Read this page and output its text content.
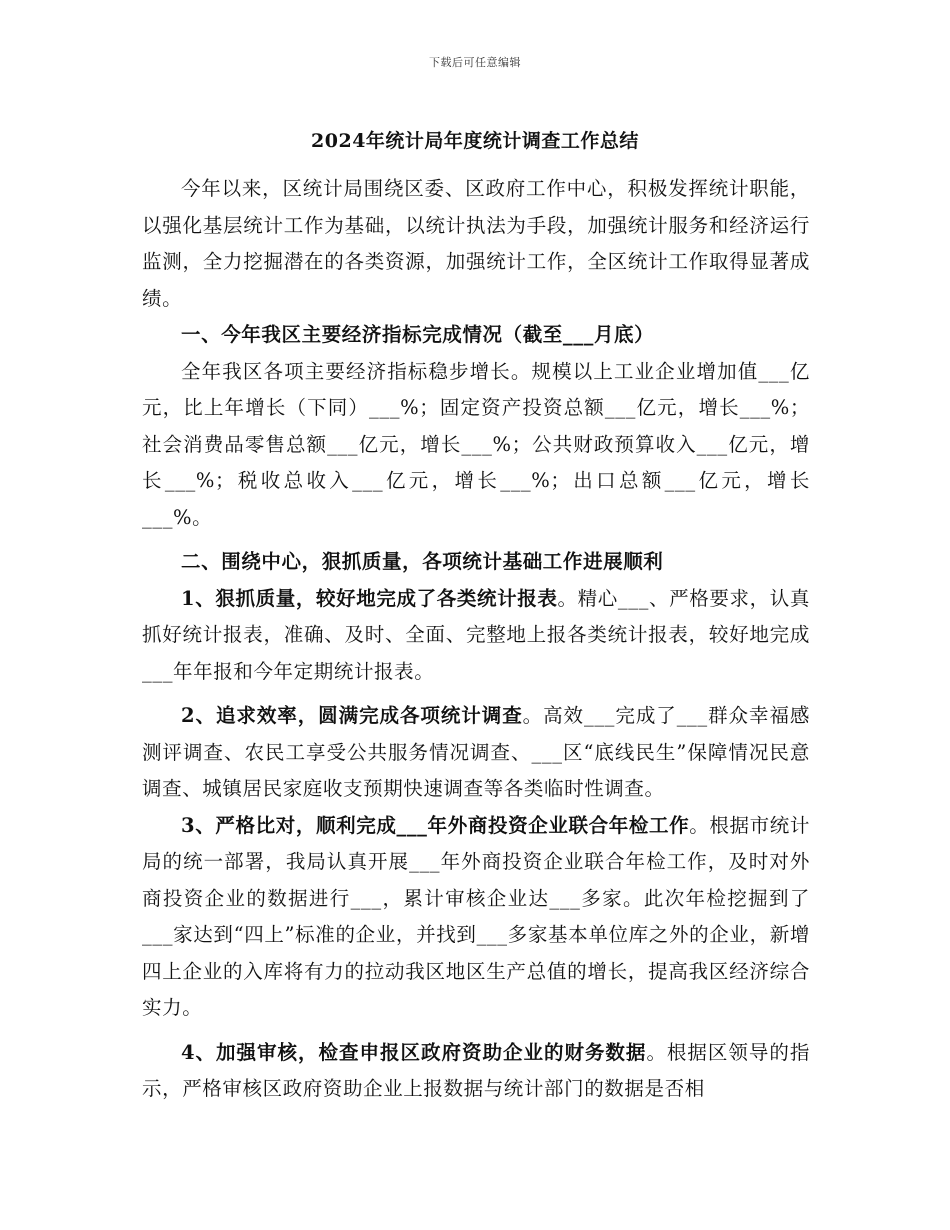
下载后可任意编辑
2024年统计局年度统计调查工作总结

今年以来，区统计局围绕区委、区政府工作中心，积极发挥统计职能，以强化基层统计工作为基础，以统计执法为手段，加强统计服务和经济运行监测，全力挖掘潜在的各类资源，加强统计工作，全区统计工作取得显著成绩。

一、今年我区主要经济指标完成情况（截至___月底）

全年我区各项主要经济指标稳步增长。规模以上工业企业增加值___亿元，比上年增长（下同）___%；固定资产投资总额___亿元，增长___%；社会消费品零售总额___亿元，增长___%；公共财政预算收入___亿元，增长___%；税收总收入___亿元，增长___%；出口总额___亿元，增长___%。

二、围绕中心，狠抓质量，各项统计基础工作进展顺利

1、狠抓质量，较好地完成了各类统计报表。精心___、严格要求，认真抓好统计报表，准确、及时、全面、完整地上报各类统计报表，较好地完成___年年报和今年定期统计报表。

2、追求效率，圆满完成各项统计调查。高效___完成了___群众幸福感测评调查、农民工享受公共服务情况调查、___区“底线民生”保障情况民意调查、城镇居民家庭收支预期快速调查等各类临时性调查。

3、严格比对，顺利完成___年外商投资企业联合年检工作。根据市统计局的统一部署，我局认真开展___年外商投资企业联合年检工作，及时对外商投资企业的数据进行___，累计审核企业达___多家。此次年检挖掘到了___家达到“四上”标准的企业，并找到___多家基本单位库之外的企业，新增四上企业的入库将有力的拉动我区地区生产总值的增长，提高我区经济综合实力。

4、加强审核，检查申报区政府资助企业的财务数据。根据区领导的指示，严格审核区政府资助企业上报数据与统计部门的数据是否相
